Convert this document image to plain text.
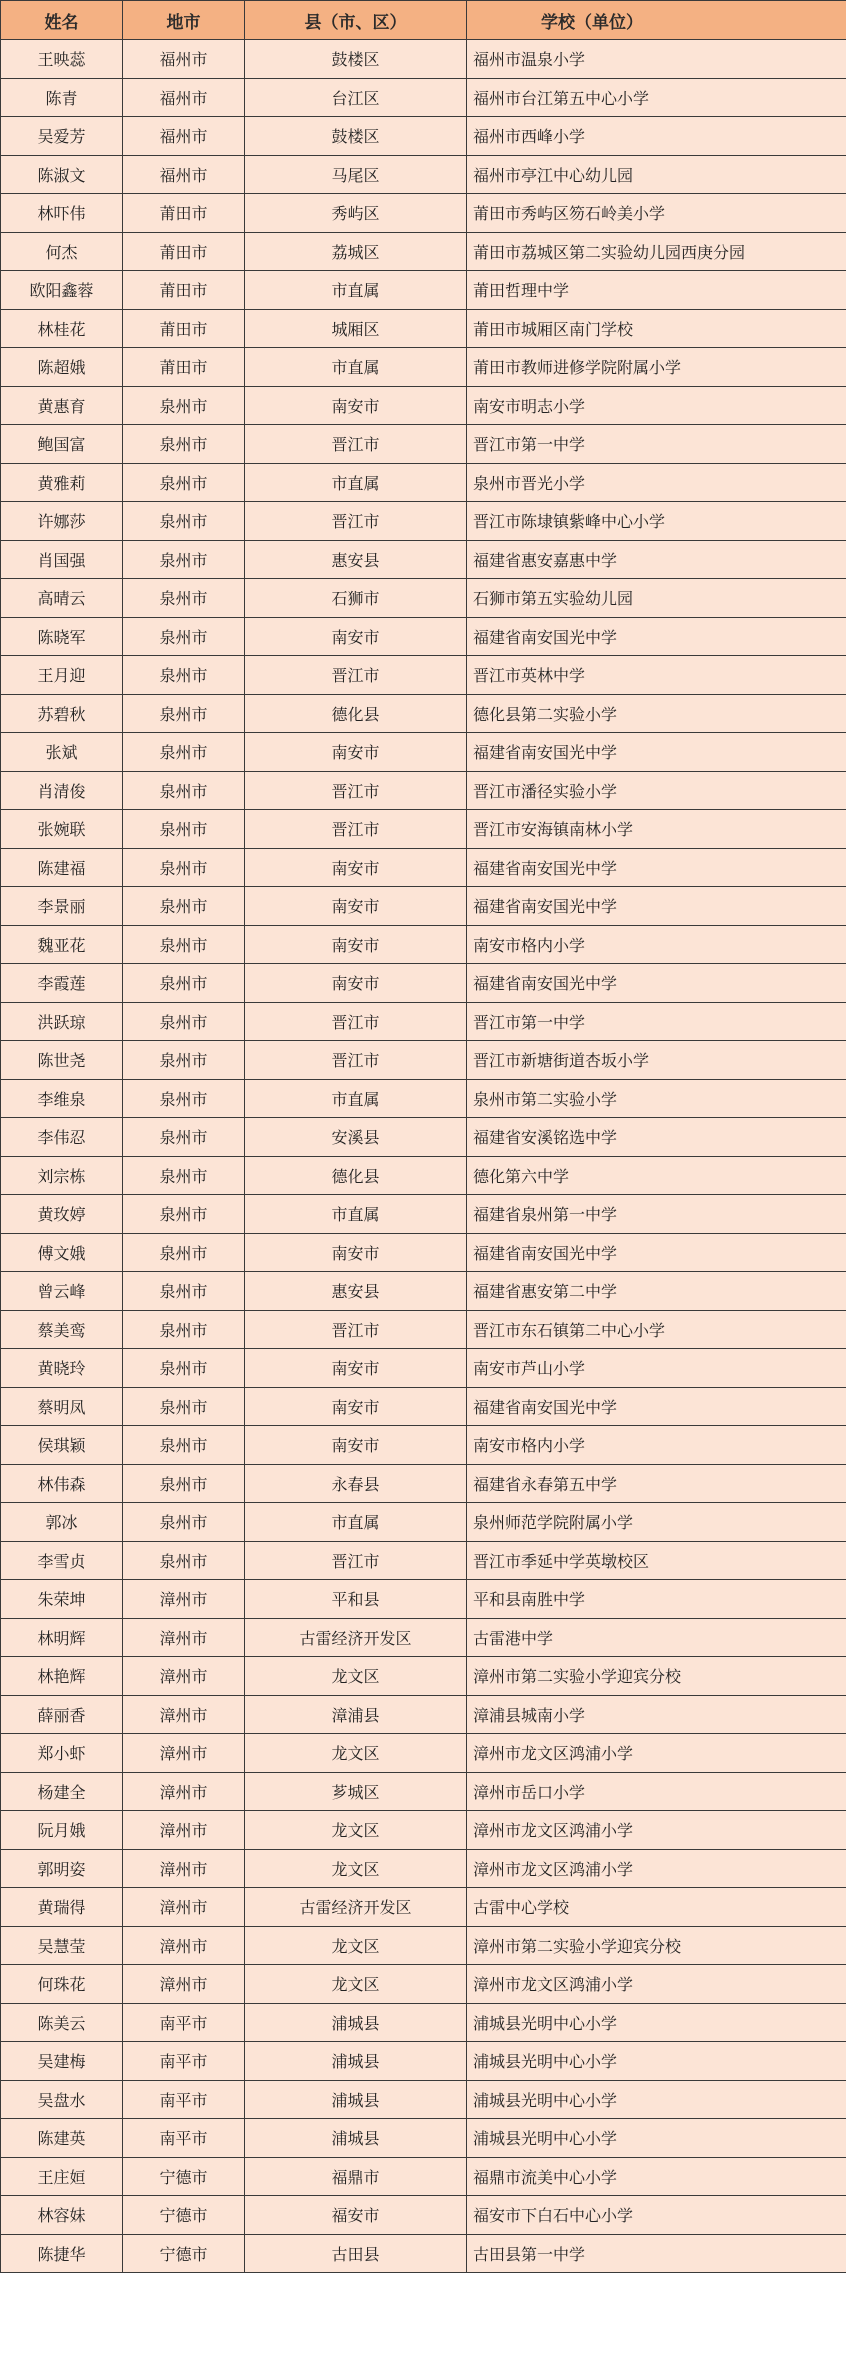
姓名	地市	县（市、区）	学校（单位）
王映蕊	福州市	鼓楼区	福州市温泉小学
陈青	福州市	台江区	福州市台江第五中心小学
吴爱芳	福州市	鼓楼区	福州市西峰小学
陈淑文	福州市	马尾区	福州市亭江中心幼儿园
林吓伟	莆田市	秀屿区	莆田市秀屿区笏石岭美小学
何杰	莆田市	荔城区	莆田市荔城区第二实验幼儿园西庚分园
欧阳鑫蓉	莆田市	市直属	莆田哲理中学
林桂花	莆田市	城厢区	莆田市城厢区南门学校
陈超娥	莆田市	市直属	莆田市教师进修学院附属小学
黄惠育	泉州市	南安市	南安市明志小学
鲍国富	泉州市	晋江市	晋江市第一中学
黄雅莉	泉州市	市直属	泉州市晋光小学
许娜莎	泉州市	晋江市	晋江市陈埭镇紫峰中心小学
肖国强	泉州市	惠安县	福建省惠安嘉惠中学
高晴云	泉州市	石狮市	石狮市第五实验幼儿园
陈晓军	泉州市	南安市	福建省南安国光中学
王月迎	泉州市	晋江市	晋江市英林中学
苏碧秋	泉州市	德化县	德化县第二实验小学
张斌	泉州市	南安市	福建省南安国光中学
肖清俊	泉州市	晋江市	晋江市潘径实验小学
张婉联	泉州市	晋江市	晋江市安海镇南林小学
陈建福	泉州市	南安市	福建省南安国光中学
李景丽	泉州市	南安市	福建省南安国光中学
魏亚花	泉州市	南安市	南安市格内小学
李霞莲	泉州市	南安市	福建省南安国光中学
洪跃琼	泉州市	晋江市	晋江市第一中学
陈世尧	泉州市	晋江市	晋江市新塘街道杏坂小学
李维泉	泉州市	市直属	泉州市第二实验小学
李伟忍	泉州市	安溪县	福建省安溪铭选中学
刘宗栋	泉州市	德化县	德化第六中学
黄玫婷	泉州市	市直属	福建省泉州第一中学
傅文娥	泉州市	南安市	福建省南安国光中学
曾云峰	泉州市	惠安县	福建省惠安第二中学
蔡美鸾	泉州市	晋江市	晋江市东石镇第二中心小学
黄晓玲	泉州市	南安市	南安市芦山小学
蔡明凤	泉州市	南安市	福建省南安国光中学
侯琪颖	泉州市	南安市	南安市格内小学
林伟森	泉州市	永春县	福建省永春第五中学
郭冰	泉州市	市直属	泉州师范学院附属小学
李雪贞	泉州市	晋江市	晋江市季延中学英墩校区
朱荣坤	漳州市	平和县	平和县南胜中学
林明辉	漳州市	古雷经济开发区	古雷港中学
林艳辉	漳州市	龙文区	漳州市第二实验小学迎宾分校
薛丽香	漳州市	漳浦县	漳浦县城南小学
郑小虾	漳州市	龙文区	漳州市龙文区鸿浦小学
杨建全	漳州市	芗城区	漳州市岳口小学
阮月娥	漳州市	龙文区	漳州市龙文区鸿浦小学
郭明姿	漳州市	龙文区	漳州市龙文区鸿浦小学
黄瑞得	漳州市	古雷经济开发区	古雷中心学校
吴慧莹	漳州市	龙文区	漳州市第二实验小学迎宾分校
何珠花	漳州市	龙文区	漳州市龙文区鸿浦小学
陈美云	南平市	浦城县	浦城县光明中心小学
吴建梅	南平市	浦城县	浦城县光明中心小学
吴盘水	南平市	浦城县	浦城县光明中心小学
陈建英	南平市	浦城县	浦城县光明中心小学
王庄姮	宁德市	福鼎市	福鼎市流美中心小学
林容妹	宁德市	福安市	福安市下白石中心小学
陈捷华	宁德市	古田县	古田县第一中学
